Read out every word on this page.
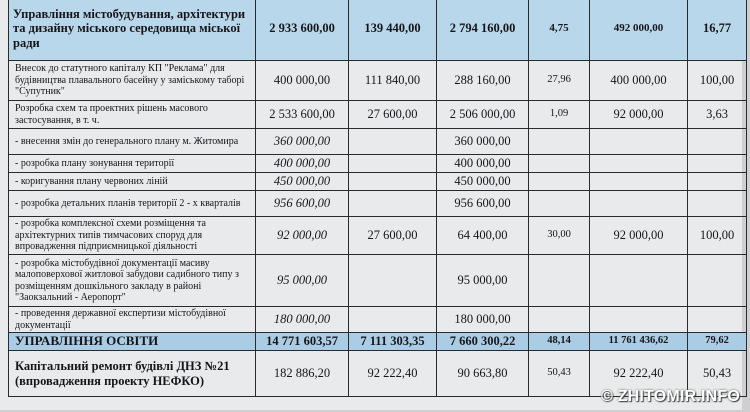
Управління містобудування, архітектури та дизайну міського середовища міської ради	2 933 600,00	139 440,00	2 794 160,00	4,75	492 000,00	16,77
Внесок до статутного капіталу КП "Реклама" для будівництва плавального басейну у заміському таборі "Супутник"	400 000,00	111 840,00	288 160,00	27,96	400 000,00	100,00
Розробка схем та проектних рішень масового застосування, в т. ч.	2 533 600,00	27 600,00	2 506 000,00	1,09	92 000,00	3,63
- внесення змін до генерального плану м. Житомира	360 000,00		360 000,00			
- розробка плану зонування території	400 000,00		400 000,00			
- коригування плану червоних ліній	450 000,00		450 000,00			
- розробка детальних планів території 2 - х кварталів	956 600,00		956 600,00			
- розробка комплексної схеми розміщення та архітектурних типів тимчасових споруд для впровадження підприємницької діяльності	92 000,00	27 600,00	64 400,00	30,00	92 000,00	100,00
- розробка містобудівної документації масиву малоповерхової житлової забудови садибного типу з розміщенням дошкільного закладу в районі "Заокзальний - Аеропорт"	95 000,00		95 000,00			
- проведення державної експертизи містобудівної документації	180 000,00		180 000,00			
УПРАВЛІННЯ ОСВІТИ	14 771 603,57	7 111 303,35	7 660 300,22	48,14	11 761 436,62	79,62
Капітальний ремонт будівлі ДНЗ №21 (впровадження проекту НЕФКО)	182 886,20	92 222,40	90 663,80	50,43	92 222,40	50,43
© ZHITOMIR.INFO
